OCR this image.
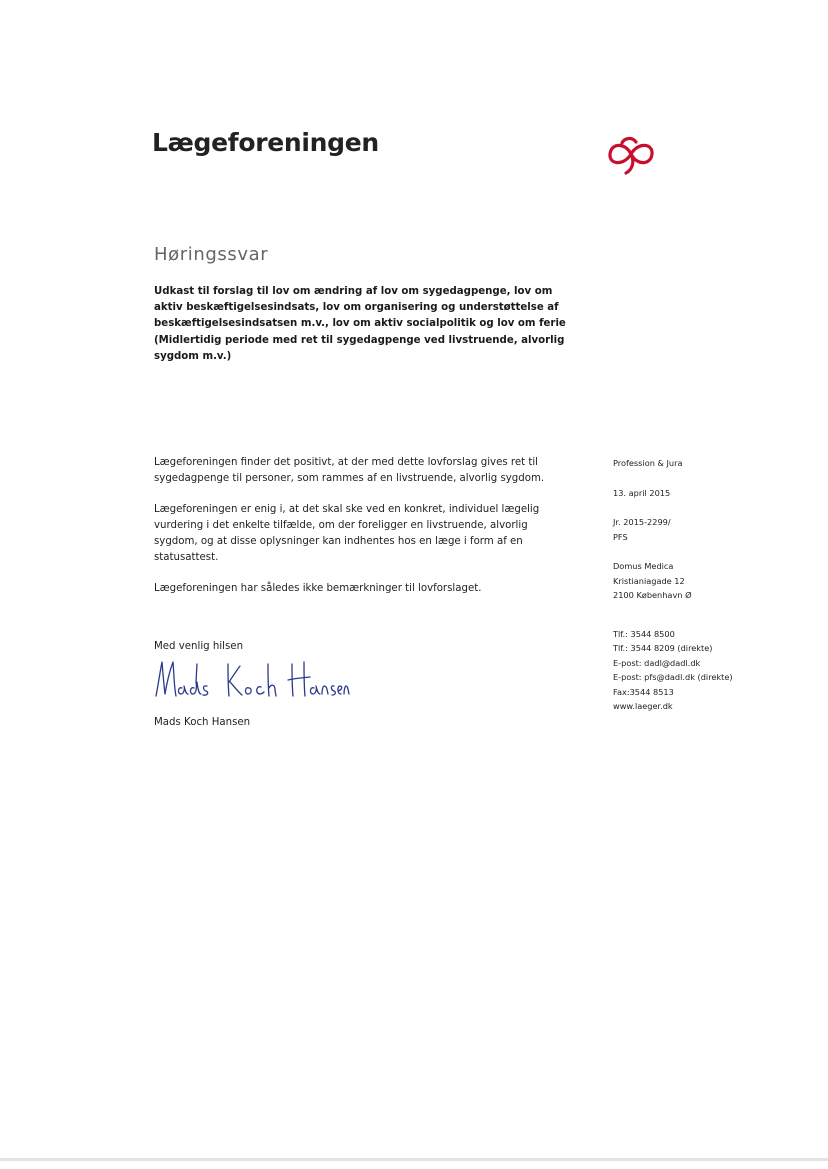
Lægeforeningen
Høringssvar
Udkast til forslag til lov om ændring af lov om sygedagpenge, lov om aktiv beskæftigelsesindsats, lov om organisering og understøttelse af beskæftigelsesindsatsen m.v., lov om aktiv socialpolitik og lov om ferie (Midlertidig periode med ret til sygedagpenge ved livstruende, alvorlig sygdom m.v.)

Lægeforeningen finder det positivt, at der med dette lovforslag gives ret til sygedagpenge til personer, som rammes af en livstruende, alvorlig sygdom.

Lægeforeningen er enig i, at det skal ske ved en konkret, individuel lægelig vurdering i det enkelte tilfælde, om der foreligger en livstruende, alvorlig sygdom, og at disse oplysninger kan indhentes hos en læge i form af en statusattest.

Lægeforeningen har således ikke bemærkninger til lovforslaget.

Med venlig hilsen
Mads Koch Hansen
Profession & Jura
13. april 2015
Jr. 2015-2299/
PFS
Domus Medica
Kristianiagade 12
2100 København Ø
Tlf.: 3544 8500
Tlf.: 3544 8209 (direkte)
E-post: dadl@dadl.dk
E-post: pfs@dadl.dk (direkte)
Fax:3544 8513
www.laeger.dk
